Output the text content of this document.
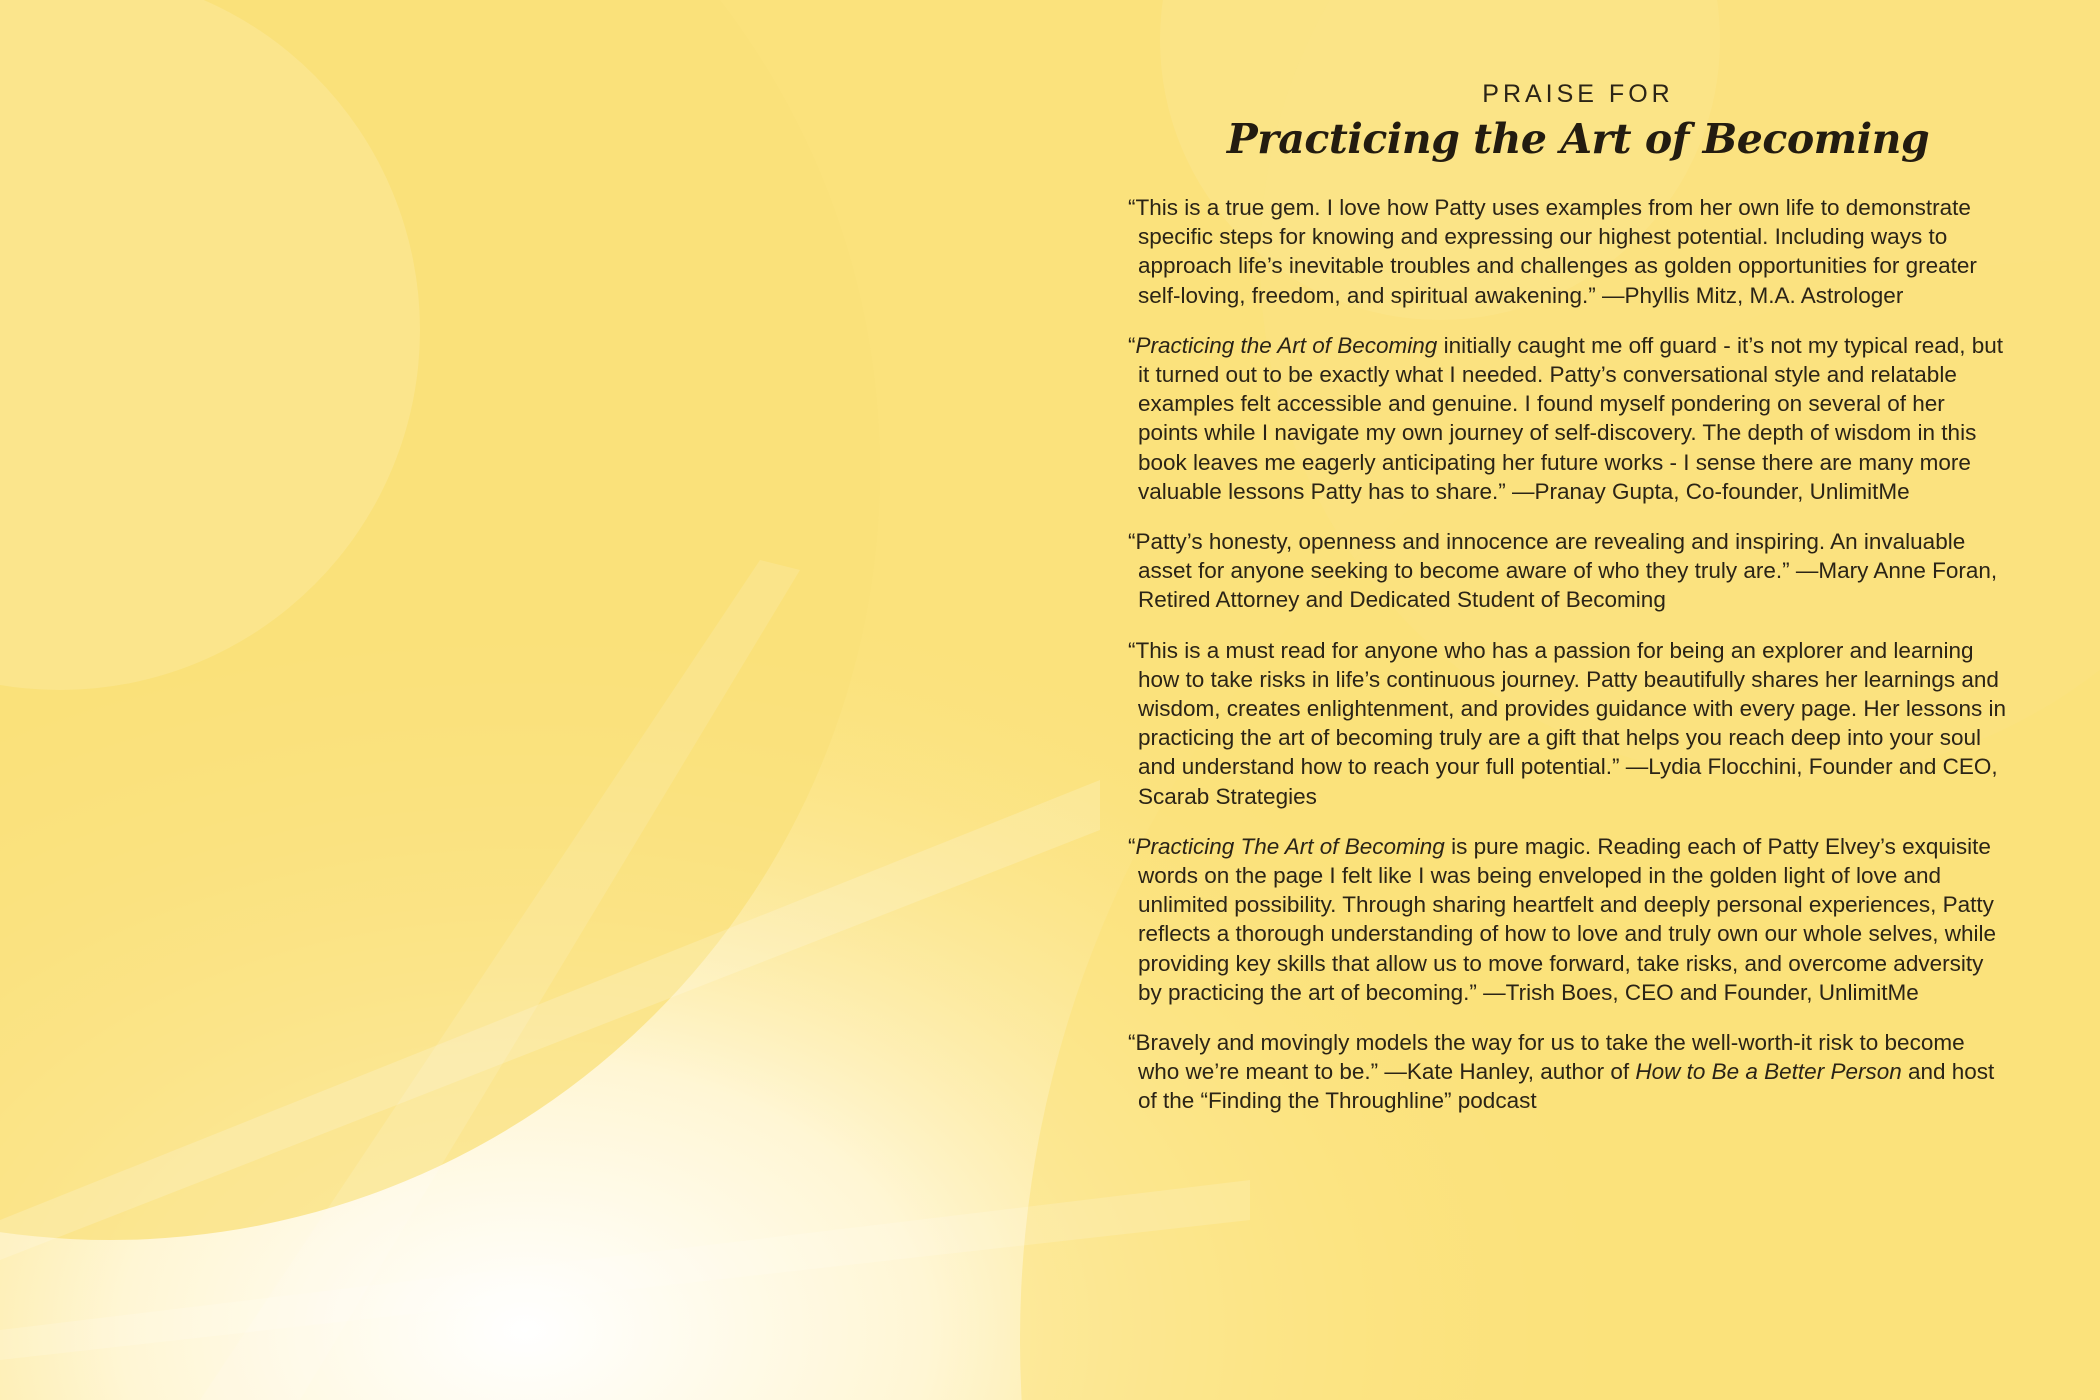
PRAISE FOR
Practicing the Art of Becoming

“This is a true gem. I love how Patty uses examples from her own life to demonstrate specific steps for knowing and expressing our highest potential. Including ways to approach life’s inevitable troubles and challenges as golden opportunities for greater self-loving, freedom, and spiritual awakening.” —Phyllis Mitz, M.A. Astrologer

“Practicing the Art of Becoming initially caught me off guard - it’s not my typical read, but it turned out to be exactly what I needed. Patty’s conversational style and relatable examples felt accessible and genuine. I found myself pondering on several of her points while I navigate my own journey of self-discovery. The depth of wisdom in this book leaves me eagerly anticipating her future works - I sense there are many more valuable lessons Patty has to share.” —Pranay Gupta, Co-founder, UnlimitMe

“Patty’s honesty, openness and innocence are revealing and inspiring. An invaluable asset for anyone seeking to become aware of who they truly are.” —Mary Anne Foran, Retired Attorney and Dedicated Student of Becoming

“This is a must read for anyone who has a passion for being an explorer and learning how to take risks in life’s continuous journey. Patty beautifully shares her learnings and wisdom, creates enlightenment, and provides guidance with every page. Her lessons in practicing the art of becoming truly are a gift that helps you reach deep into your soul and understand how to reach your full potential.” —Lydia Flocchini, Founder and CEO, Scarab Strategies

“Practicing The Art of Becoming is pure magic. Reading each of Patty Elvey’s exquisite words on the page I felt like I was being enveloped in the golden light of love and unlimited possibility. Through sharing heartfelt and deeply personal experiences, Patty reflects a thorough understanding of how to love and truly own our whole selves, while providing key skills that allow us to move forward, take risks, and overcome adversity by practicing the art of becoming.” —Trish Boes, CEO and Founder, UnlimitMe

“Bravely and movingly models the way for us to take the well-worth-it risk to become who we’re meant to be.” —Kate Hanley, author of How to Be a Better Person and host of the “Finding the Throughline” podcast
